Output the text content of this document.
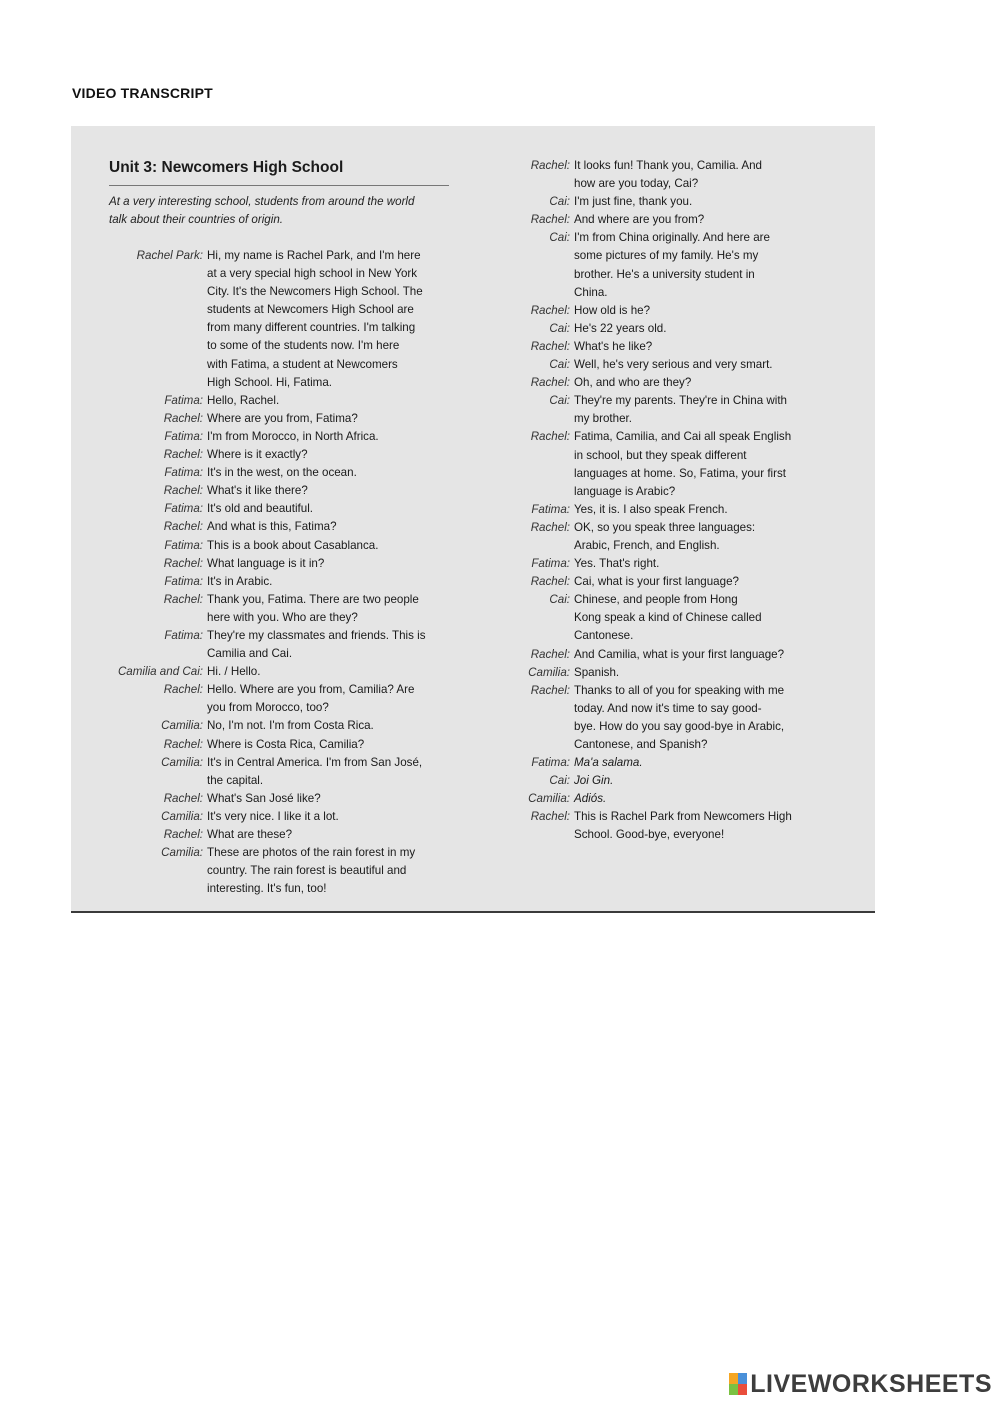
VIDEO TRANSCRIPT
Unit 3: Newcomers High School
At a very interesting school, students from around the world
talk about their countries of origin.
Rachel Park: Hi, my name is Rachel Park, and I'm here
at a very special high school in New York
City. It's the Newcomers High School. The
students at Newcomers High School are
from many different countries. I'm talking
to some of the students now. I'm here
with Fatima, a student at Newcomers
High School. Hi, Fatima.
Fatima: Hello, Rachel.
Rachel: Where are you from, Fatima?
Fatima: I'm from Morocco, in North Africa.
Rachel: Where is it exactly?
Fatima: It's in the west, on the ocean.
Rachel: What's it like there?
Fatima: It's old and beautiful.
Rachel: And what is this, Fatima?
Fatima: This is a book about Casablanca.
Rachel: What language is it in?
Fatima: It's in Arabic.
Rachel: Thank you, Fatima. There are two people
here with you. Who are they?
Fatima: They're my classmates and friends. This is
Camilia and Cai.
Camilia and Cai: Hi. / Hello.
Rachel: Hello. Where are you from, Camilia? Are
you from Morocco, too?
Camilia: No, I'm not. I'm from Costa Rica.
Rachel: Where is Costa Rica, Camilia?
Camilia: It's in Central America. I'm from San José,
the capital.
Rachel: What's San José like?
Camilia: It's very nice. I like it a lot.
Rachel: What are these?
Camilia: These are photos of the rain forest in my
country. The rain forest is beautiful and
interesting. It's fun, too!
Rachel: It looks fun! Thank you, Camilia. And
how are you today, Cai?
Cai: I'm just fine, thank you.
Rachel: And where are you from?
Cai: I'm from China originally. And here are
some pictures of my family. He's my
brother. He's a university student in
China.
Rachel: How old is he?
Cai: He's 22 years old.
Rachel: What's he like?
Cai: Well, he's very serious and very smart.
Rachel: Oh, and who are they?
Cai: They're my parents. They're in China with
my brother.
Rachel: Fatima, Camilia, and Cai all speak English
in school, but they speak different
languages at home. So, Fatima, your first
language is Arabic?
Fatima: Yes, it is. I also speak French.
Rachel: OK, so you speak three languages:
Arabic, French, and English.
Fatima: Yes. That's right.
Rachel: Cai, what is your first language?
Cai: Chinese, and people from Hong
Kong speak a kind of Chinese called
Cantonese.
Rachel: And Camilia, what is your first language?
Camilia: Spanish.
Rachel: Thanks to all of you for speaking with me
today. And now it's time to say good-
bye. How do you say good-bye in Arabic,
Cantonese, and Spanish?
Fatima: Ma'a salama.
Cai: Joi Gin.
Camilia: Adiós.
Rachel: This is Rachel Park from Newcomers High
School. Good-bye, everyone!
LIVEWORKSHEETS
